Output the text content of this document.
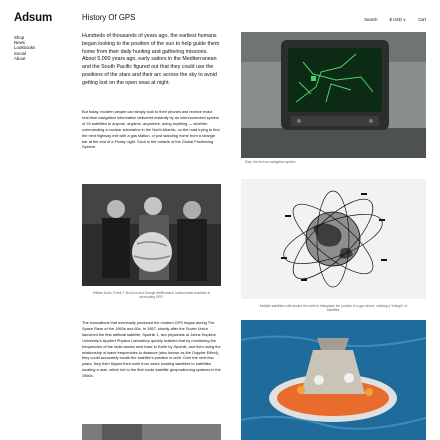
Adsum
Shop
News
Lookbooks
Social
About
History Of GPS	Search	$ USD ∨	Cart
Hundreds of thousands of years ago, the earliest humans began looking to the position of the sun to help guide them home from their daily hunting and gathering missions. About 5,000 years ago, early sailors in the Mediterranean and the South Pacific figured out that they could use the positions of the stars and their arc across the sky to avoid getting lost on the open seas at night.
But today, modern people can simply look to their phones and receive exact real-time navigation information delivered instantly by an interconnected system of 24 satellites to anyone, anytime, anywhere, doing anything — whether commanding a nuclear submarine in the North Atlantic, on the road trying to find the next highway exit with a gas station, or just standing home from a strange bar at the end of a Friday night. Such is the miracle of the Global Positioning System.
The innovations that eventually produced the modern GPS began during The Space Race of the 1950s and 60s. In 1957, shortly after the Soviet Union launched the first artificial satellite, Sputnik 1, two physicists at Johns Hopkins University’s Applied Physics Laboratory quickly realized that by monitoring the frequencies of the radio waves sent back to Earth by Sputnik, and then using the relationship of wave frequencies to distance (also known as the Doppler Effect), they could accurately locate the satellite’s position in orbit. Over the next few years, they then flipped their work from users locating satellites to satellites locating a user, which led to the first crude satellite geopositioning systems in the 1960s.
Etak, the first car navigation system.
William Guier, Frank T. McClure and George Weiffenbach, instrumental scientists in developing GPS.
Multiple satellites orbit around the earth to triangulate the position of a gps device, creating a “triangle” of satellites.
